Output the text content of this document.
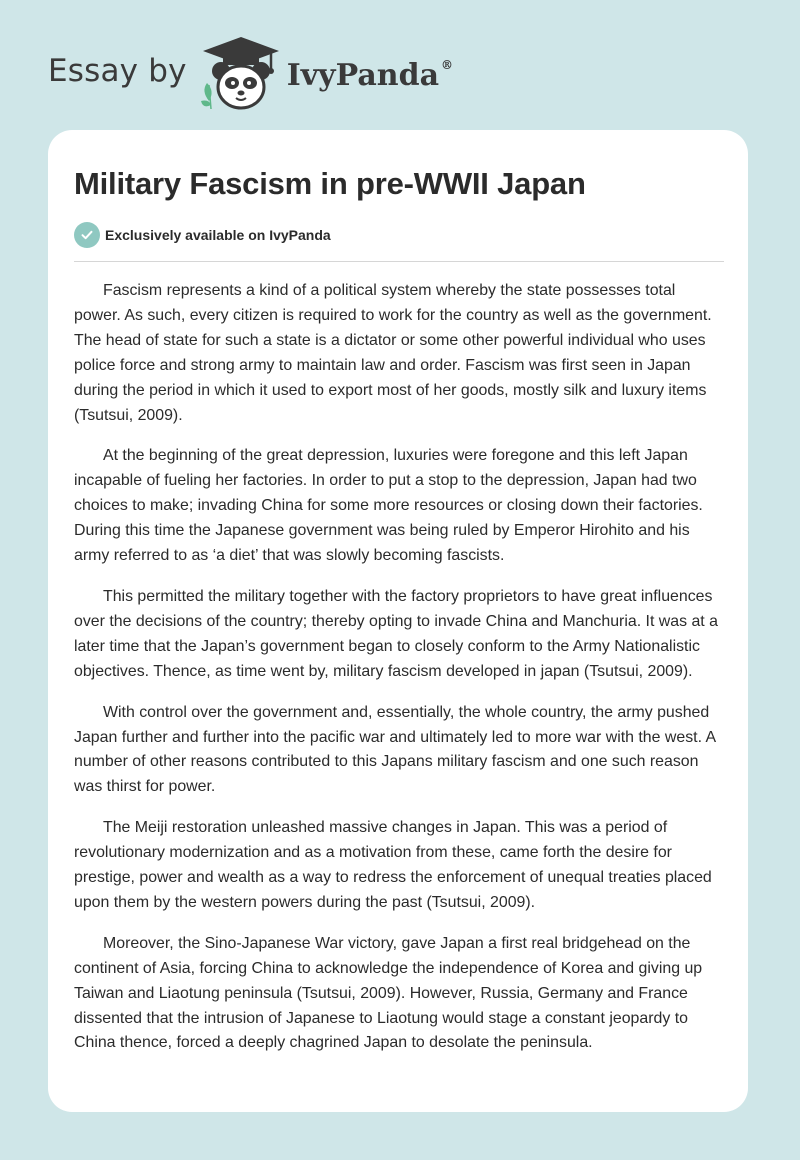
Essay by	IvyPanda ®
Military Fascism in pre-WWII Japan
Exclusively available on IvyPanda

Fascism represents a kind of a political system whereby the state possesses total power. As such, every citizen is required to work for the country as well as the government. The head of state for such a state is a dictator or some other powerful individual who uses police force and strong army to maintain law and order. Fascism was first seen in Japan during the period in which it used to export most of her goods, mostly silk and luxury items (Tsutsui, 2009).

At the beginning of the great depression, luxuries were foregone and this left Japan incapable of fueling her factories. In order to put a stop to the depression, Japan had two choices to make; invading China for some more resources or closing down their factories. During this time the Japanese government was being ruled by Emperor Hirohito and his army referred to as ‘a diet’ that was slowly becoming fascists.

This permitted the military together with the factory proprietors to have great influences over the decisions of the country; thereby opting to invade China and Manchuria. It was at a later time that the Japan’s government began to closely conform to the Army Nationalistic objectives. Thence, as time went by, military fascism developed in japan (Tsutsui, 2009).

With control over the government and, essentially, the whole country, the army pushed Japan further and further into the pacific war and ultimately led to more war with the west. A number of other reasons contributed to this Japans military fascism and one such reason was thirst for power.

The Meiji restoration unleashed massive changes in Japan. This was a period of revolutionary modernization and as a motivation from these, came forth the desire for prestige, power and wealth as a way to redress the enforcement of unequal treaties placed upon them by the western powers during the past (Tsutsui, 2009).

Moreover, the Sino-Japanese War victory, gave Japan a first real bridgehead on the continent of Asia, forcing China to acknowledge the independence of Korea and giving up Taiwan and Liaotung peninsula (Tsutsui, 2009). However, Russia, Germany and France dissented that the intrusion of Japanese to Liaotung would stage a constant jeopardy to China thence, forced a deeply chagrined Japan to desolate the peninsula.
